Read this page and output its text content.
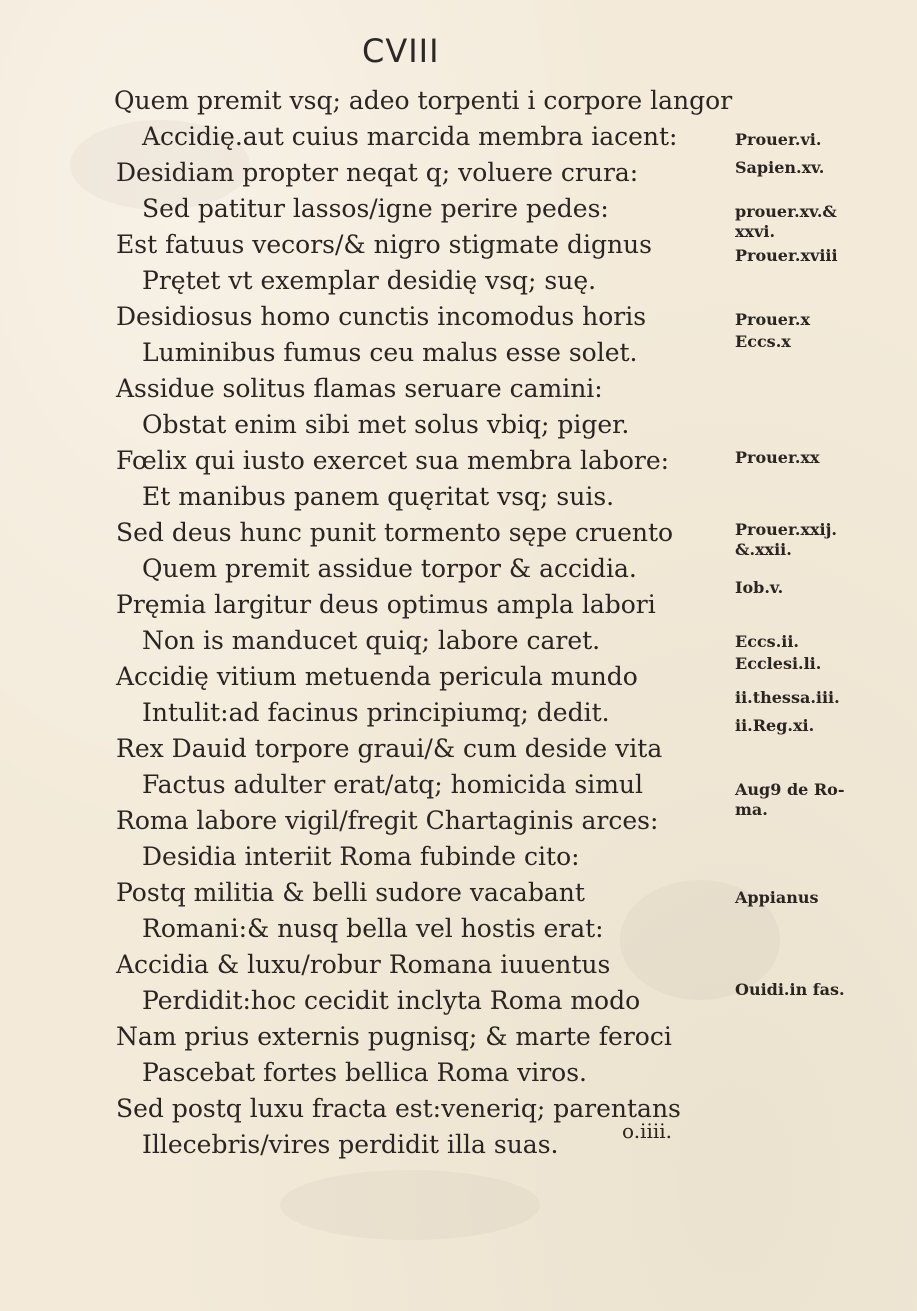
CVIII
Quem premit vsq; adeo torpenti i corpore langor
Accidię.aut cuius marcida membra iacent:
Desidiam propter neqat q; voluere crura:
Sed patitur lassos/igne perire pedes:
Est fatuus vecors/& nigro stigmate dignus
Prętet vt exemplar desidię vsq; suę.
Desidiosus homo cunctis incomodus horis
Luminibus fumus ceu malus esse solet.
Assidue solitus flamas seruare camini:
Obstat enim sibi met solus vbiq; piger.
Fœlix qui iusto exercet sua membra labore:
Et manibus panem quęritat vsq; suis.
Sed deus hunc punit tormento sępe cruento
Quem premit assidue torpor & accidia.
Pręmia largitur deus optimus ampla labori
Non is manducet quiq; labore caret.
Accidię vitium metuenda pericula mundo
Intulit:ad facinus principiumq; dedit.
Rex Dauid torpore graui/& cum deside vita
Factus adulter erat/atq; homicida simul
Roma labore vigil/fregit Chartaginis arces:
Desidia interiit Roma fubinde cito:
Postq militia & belli sudore vacabant
Romani:& nusq bella vel hostis erat:
Accidia & luxu/robur Romana iuuentus
Perdidit:hoc cecidit inclyta Roma modo
Nam prius externis pugnisq; & marte feroci
Pascebat fortes bellica Roma viros.
Sed postq luxu fracta est:veneriq; parentans
Illecebris/vires perdidit illa suas.
Prouer.vi.
Sapien.xv.
prouer.xv.&
xxvi.
Prouer.xviii
Prouer.x
Eccs.x
Prouer.xx
Prouer.xxij.
&.xxii.
Iob.v.
Eccs.ii.
Ecclesi.li.
ii.thessa.iii.
ii.Reg.xi.
Aug9 de Ro-
ma.
Appianus
Ouidi.in fas.
o.iiii.
